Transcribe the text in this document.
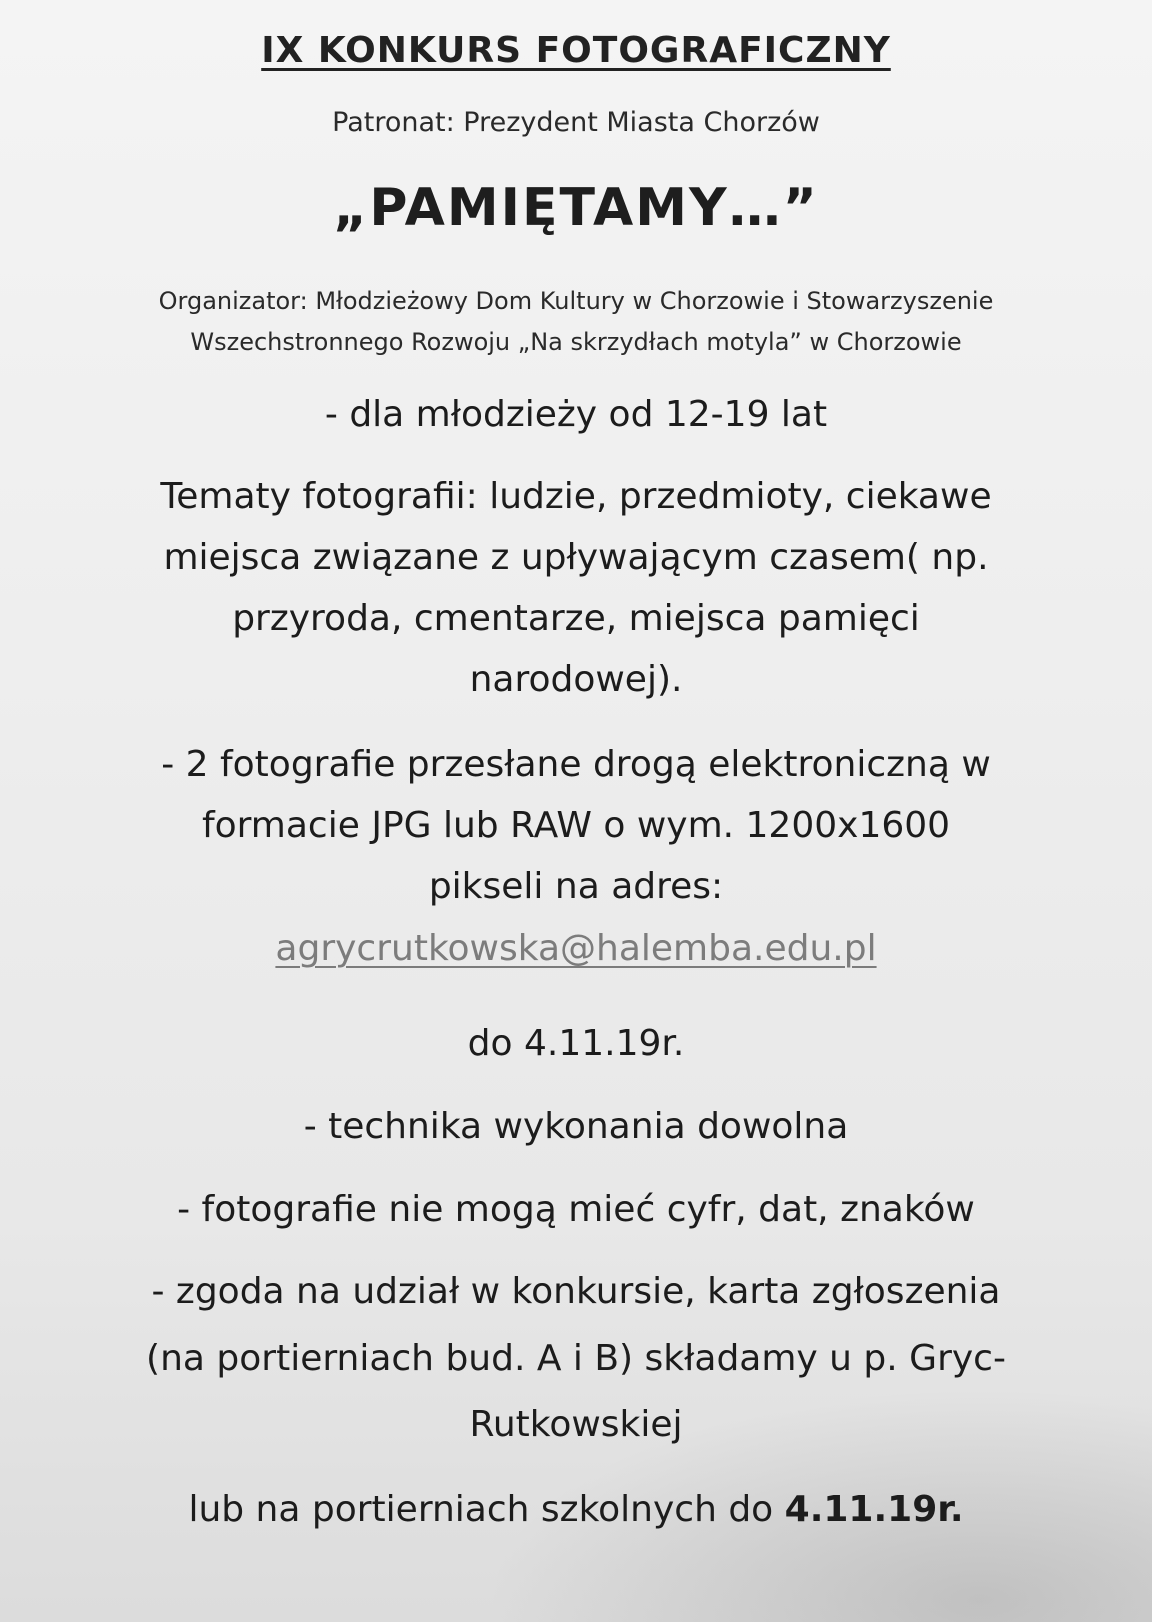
IX KONKURS FOTOGRAFICZNY
Patronat: Prezydent Miasta Chorzów
„PAMIĘTAMY…”
Organizator: Młodzieżowy Dom Kultury w Chorzowie i Stowarzyszenie
Wszechstronnego Rozwoju „Na skrzydłach motyla” w Chorzowie
- dla młodzieży od 12-19 lat
Tematy fotografii: ludzie, przedmioty, ciekawe
miejsca związane z upływającym czasem( np.
przyroda, cmentarze, miejsca pamięci
narodowej).
- 2 fotografie przesłane drogą elektroniczną w
formacie JPG lub RAW o wym. 1200x1600
pikseli na adres:
agrycrutkowska@halemba.edu.pl
do 4.11.19r.
- technika wykonania dowolna
- fotografie nie mogą mieć cyfr, dat, znaków
- zgoda na udział w konkursie, karta zgłoszenia
(na portierniach bud. A i B) składamy u p. Gryc-
Rutkowskiej
lub na portierniach szkolnych do 4.11.19r.
